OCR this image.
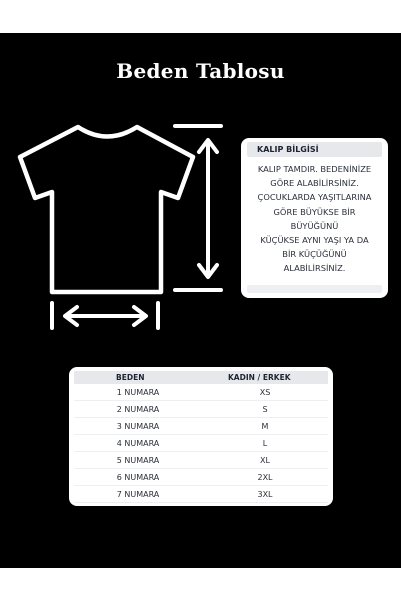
Beden Tablosu
KALIP BİLGİSİ
KALIP TAMDIR. BEDENİNİZE
GÖRE ALABİLİRSİNİZ.
ÇOCUKLARDA YAŞITLARINA
GÖRE BÜYÜKSE BİR
BÜYÜĞÜNÜ
KÜÇÜKSE AYNI YAŞI YA DA
BİR KÜÇÜĞÜNÜ
ALABİLİRSİNİZ.
BEDEN	KADIN / ERKEK
1 NUMARA	XS
2 NUMARA	S
3 NUMARA	M
4 NUMARA	L
5 NUMARA	XL
6 NUMARA	2XL
7 NUMARA	3XL
